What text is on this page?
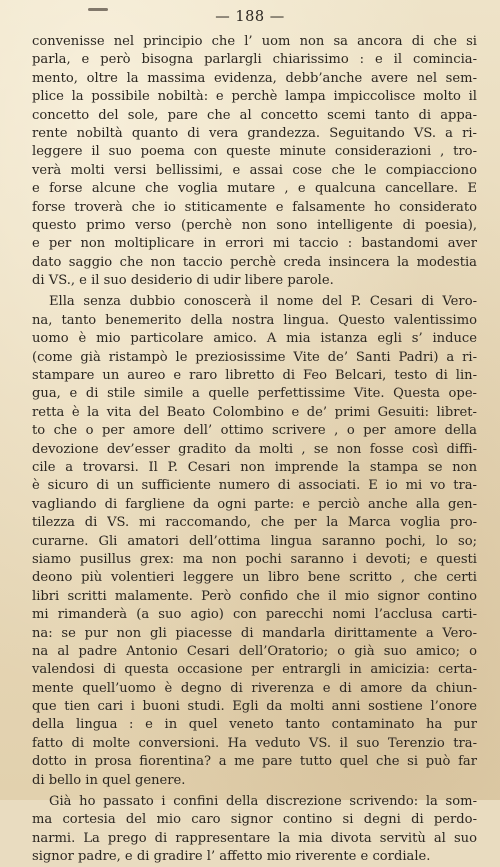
— 188 —
convenisse nel principio che l’ uom non sa ancora di che si
parla, e però bisogna parlargli chiarissimo : e il comincia-
mento, oltre la massima evidenza, debb’anche avere nel sem-
plice la possibile nobiltà: e perchè lampa impiccolisce molto il
concetto del sole, pare che al concetto scemi tanto di appa-
rente nobiltà quanto di vera grandezza. Seguitando VS. a ri-
leggere il suo poema con queste minute considerazioni , tro-
verà molti versi bellissimi, e assai cose che le compiacciono
e forse alcune che voglia mutare , e qualcuna cancellare. E
forse troverà che io stiticamente e falsamente ho considerato
questo primo verso (perchè non sono intelligente di poesia),
e per non moltiplicare in errori mi taccio : bastandomi aver
dato saggio che non taccio perchè creda insincera la modestia
di VS., e il suo desiderio di udir libere parole.
Ella senza dubbio conoscerà il nome del P. Cesari di Vero-
na, tanto benemerito della nostra lingua. Questo valentissimo
uomo è mio particolare amico. A mia istanza egli s’ induce
(come già ristampò le preziosissime Vite de’ Santi Padri) a ri-
stampare un aureo e raro libretto di Feo Belcari, testo di lin-
gua, e di stile simile a quelle perfettissime Vite. Questa ope-
retta è la vita del Beato Colombino e de’ primi Gesuiti: libret-
to che o per amore dell’ ottimo scrivere , o per amore della
devozione dev’esser gradito da molti , se non fosse così diffi-
cile a trovarsi. Il P. Cesari non imprende la stampa se non
è sicuro di un sufficiente numero di associati. E io mi vo tra-
vagliando di fargliene da ogni parte: e perciò anche alla gen-
tilezza di VS. mi raccomando, che per la Marca voglia pro-
curarne. Gli amatori dell’ottima lingua saranno pochi, lo so;
siamo pusillus grex: ma non pochi saranno i devoti; e questi
deono più volentieri leggere un libro bene scritto , che certi
libri scritti malamente. Però confido che il mio signor contino
mi rimanderà (a suo agio) con parecchi nomi l’acclusa carti-
na: se pur non gli piacesse di mandarla dirittamente a Vero-
na al padre Antonio Cesari dell’Oratorio; o già suo amico; o
valendosi di questa occasione per entrargli in amicizia: certa-
mente quell’uomo è degno di riverenza e di amore da chiun-
que tien cari i buoni studi. Egli da molti anni sostiene l’onore
della lingua : e in quel veneto tanto contaminato ha pur
fatto di molte conversioni. Ha veduto VS. il suo Terenzio tra-
dotto in prosa fiorentina? a me pare tutto quel che si può far
di bello in quel genere.
Già ho passato i confini della discrezione scrivendo: la som-
ma cortesia del mio caro signor contino si degni di perdo-
narmi. La prego di rappresentare la mia divota servitù al suo
signor padre, e di gradire l’ affetto mio riverente e cordiale.
